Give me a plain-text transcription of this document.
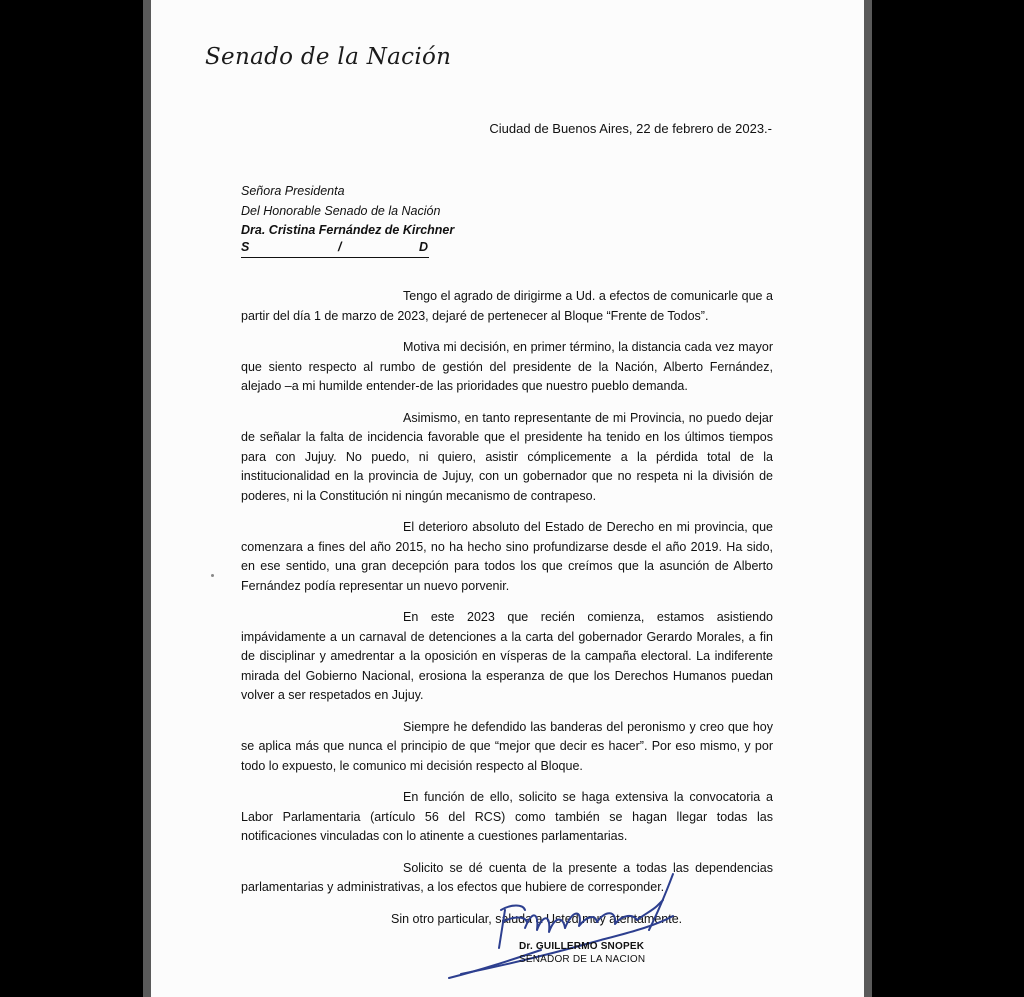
Senado de la Nación
Ciudad de Buenos Aires, 22 de febrero de 2023.-
Señora Presidenta
Del Honorable Senado de la Nación
Dra. Cristina Fernández de Kirchner
S	/	D

Tengo el agrado de dirigirme a Ud. a efectos de comunicarle que a partir del día 1 de marzo de 2023, dejaré de pertenecer al Bloque “Frente de Todos”.

Motiva mi decisión, en primer término, la distancia cada vez mayor que siento respecto al rumbo de gestión del presidente de la Nación, Alberto Fernández, alejado –a mi humilde entender-de las prioridades que nuestro pueblo demanda.

Asimismo, en tanto representante de mi Provincia, no puedo dejar de señalar la falta de incidencia favorable que el presidente ha tenido en los últimos tiempos para con Jujuy. No puedo, ni quiero, asistir cómplicemente a la pérdida total de la institucionalidad en la provincia de Jujuy, con un gobernador que no respeta ni la división de poderes, ni la Constitución ni ningún mecanismo de contrapeso.

El deterioro absoluto del Estado de Derecho en mi provincia, que comenzara a fines del año 2015, no ha hecho sino profundizarse desde el año 2019. Ha sido, en ese sentido, una gran decepción para todos los que creímos que la asunción de Alberto Fernández podía representar un nuevo porvenir.

En este 2023 que recién comienza, estamos asistiendo impávidamente a un carnaval de detenciones a la carta del gobernador Gerardo Morales, a fin de disciplinar y amedrentar a la oposición en vísperas de la campaña electoral. La indiferente mirada del Gobierno Nacional, erosiona la esperanza de que los Derechos Humanos puedan volver a ser respetados en Jujuy.

Siempre he defendido las banderas del peronismo y creo que hoy se aplica más que nunca el principio de que “mejor que decir es hacer”. Por eso mismo, y por todo lo expuesto, le comunico mi decisión respecto al Bloque.

En función de ello, solicito se haga extensiva la convocatoria a Labor Parlamentaria (artículo 56 del RCS) como también se hagan llegar todas las notificaciones vinculadas con lo atinente a cuestiones parlamentarias.

Solicito se dé cuenta de la presente a todas las dependencias parlamentarias y administrativas, a los efectos que hubiere de corresponder.

Sin otro particular, saluda a Usted muy atentamente.

Dr. GUILLERMO SNOPEK
SENADOR DE LA NACION
